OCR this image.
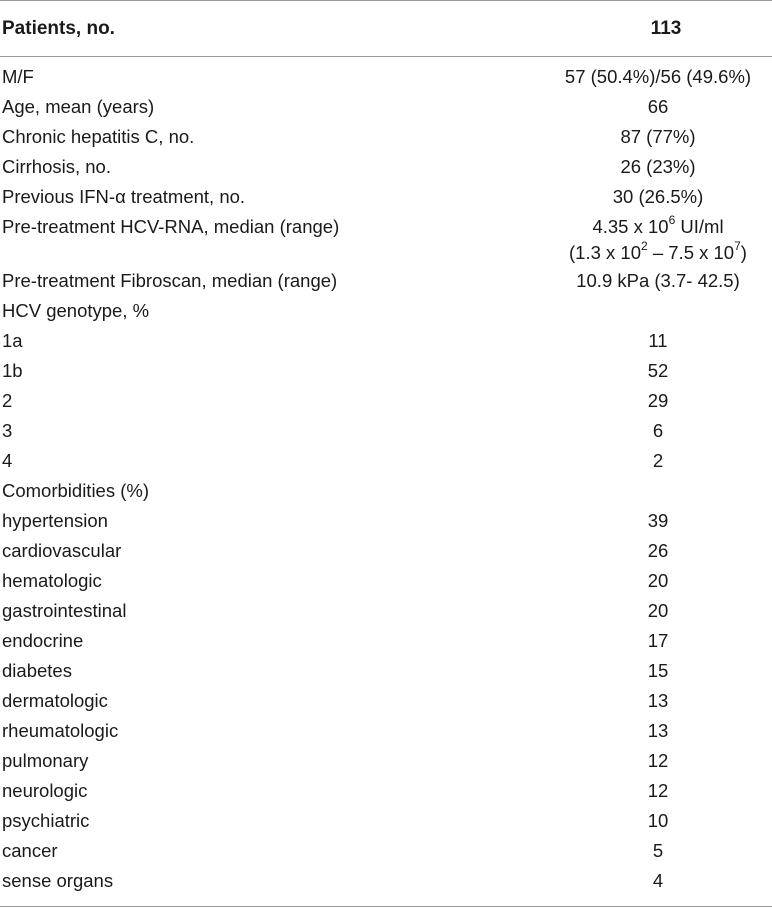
Patients, no.	113
M/F	57 (50.4%)/56 (49.6%)
Age, mean (years)	66
Chronic hepatitis C, no.	87 (77%)
Cirrhosis, no.	26 (23%)
Previous IFN-α treatment, no.	30 (26.5%)
Pre-treatment HCV-RNA, median (range)	4.35 x $10^6$ UI/ml
(1.3 x $10^2 - 7.5$ x $10^7$)
Pre-treatment Fibroscan, median (range)	10.9 kPa (3.7- 42.5)
HCV genotype, %
1a	11
1b	52
2	29
3	6
4	2
Comorbidities (%)
hypertension	39
cardiovascular	26
hematologic	20
gastrointestinal	20
endocrine	17
diabetes	15
dermatologic	13
rheumatologic	13
pulmonary	12
neurologic	12
psychiatric	10
cancer	5
sense organs	4
